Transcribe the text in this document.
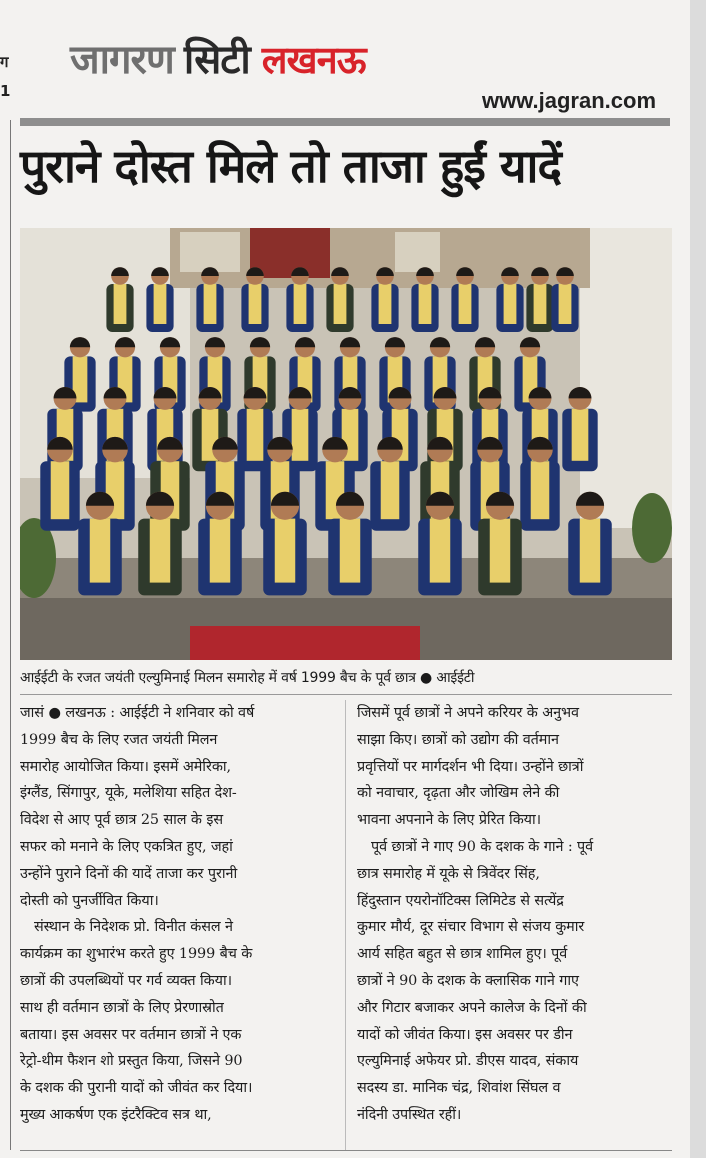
ग
1
जागरण सिटी लखनऊ
www.jagran.com
पुराने दोस्त मिले तो ताजा हुईं यादें
आईईटी के रजत जयंती एल्युमिनाई मिलन समारोह में वर्ष 1999 बैच के पूर्व छात्र ● आईईटी
जासं ● लखनऊ : आईईटी ने शनिवार को वर्ष
1999 बैच के लिए रजत जयंती मिलन
समारोह आयोजित किया। इसमें अमेरिका,
इंग्लैंड, सिंगापुर, यूके, मलेशिया सहित देश-
विदेश से आए पूर्व छात्र 25 साल के इस
सफर को मनाने के लिए एकत्रित हुए, जहां
उन्होंने पुराने दिनों की यादें ताजा कर पुरानी
दोस्ती को पुनर्जीवित किया।
संस्थान के निदेशक प्रो. विनीत कंसल ने
कार्यक्रम का शुभारंभ करते हुए 1999 बैच के
छात्रों की उपलब्धियों पर गर्व व्यक्त किया।
साथ ही वर्तमान छात्रों के लिए प्रेरणास्रोत
बताया। इस अवसर पर वर्तमान छात्रों ने एक
रेट्रो-थीम फैशन शो प्रस्तुत किया, जिसने 90
के दशक की पुरानी यादों को जीवंत कर दिया।
मुख्य आकर्षण एक इंटरैक्टिव सत्र था,
जिसमें पूर्व छात्रों ने अपने करियर के अनुभव
साझा किए। छात्रों को उद्योग की वर्तमान
प्रवृत्तियों पर मार्गदर्शन भी दिया। उन्होंने छात्रों
को नवाचार, दृढ़ता और जोखिम लेने की
भावना अपनाने के लिए प्रेरित किया।
पूर्व छात्रों ने गाए 90 के दशक के गाने : पूर्व
छात्र समारोह में यूके से त्रिवेंदर सिंह,
हिंदुस्तान एयरोनॉटिक्स लिमिटेड से सत्येंद्र
कुमार मौर्य, दूर संचार विभाग से संजय कुमार
आर्य सहित बहुत से छात्र शामिल हुए। पूर्व
छात्रों ने 90 के दशक के क्लासिक गाने गाए
और गिटार बजाकर अपने कालेज के दिनों की
यादों को जीवंत किया। इस अवसर पर डीन
एल्युमिनाई अफेयर प्रो. डीएस यादव, संकाय
सदस्य डा. मानिक चंद्र, शिवांश सिंघल व
नंदिनी उपस्थित रहीं।
